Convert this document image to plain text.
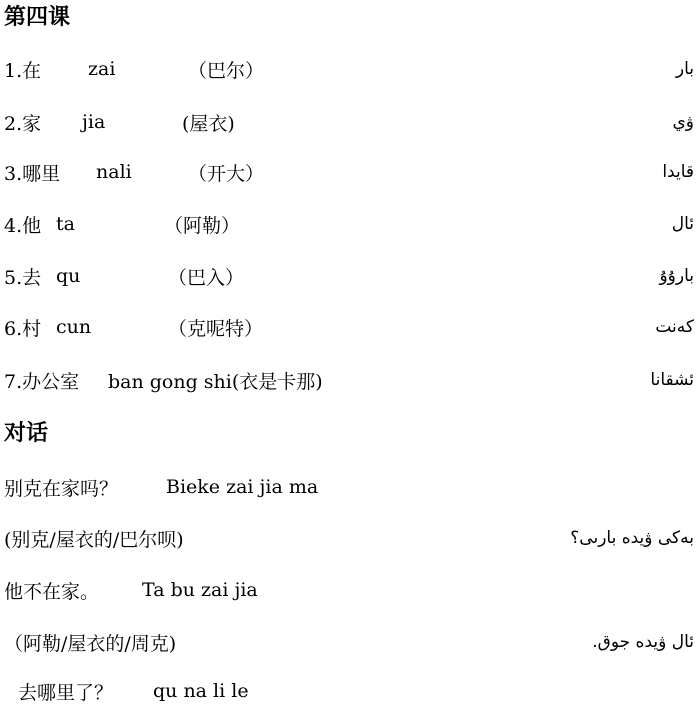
第四课
1.在	zai	（巴尔）	بار
2.家	jia	(屋衣)	ۋي
3.哪里	nali	（开大）	قايدا
4.他 ta	（阿勒）	ئال
5.去 qu	（巴入）	بارۇۇ
6.村 cun	（克呢特）	كەنت
7.办公室	ban gong shi(衣是卡那)	ئشقانا
对话
别克在家吗？	Bieke zai jia ma
(别克/屋衣的/巴尔呗)	بەكى ۋيدە بارىى؟
他不在家。	Ta bu zai jia
（阿勒/屋衣的/周克)	ئال ۋيدە جوق.
去哪里了？	qu na li le
